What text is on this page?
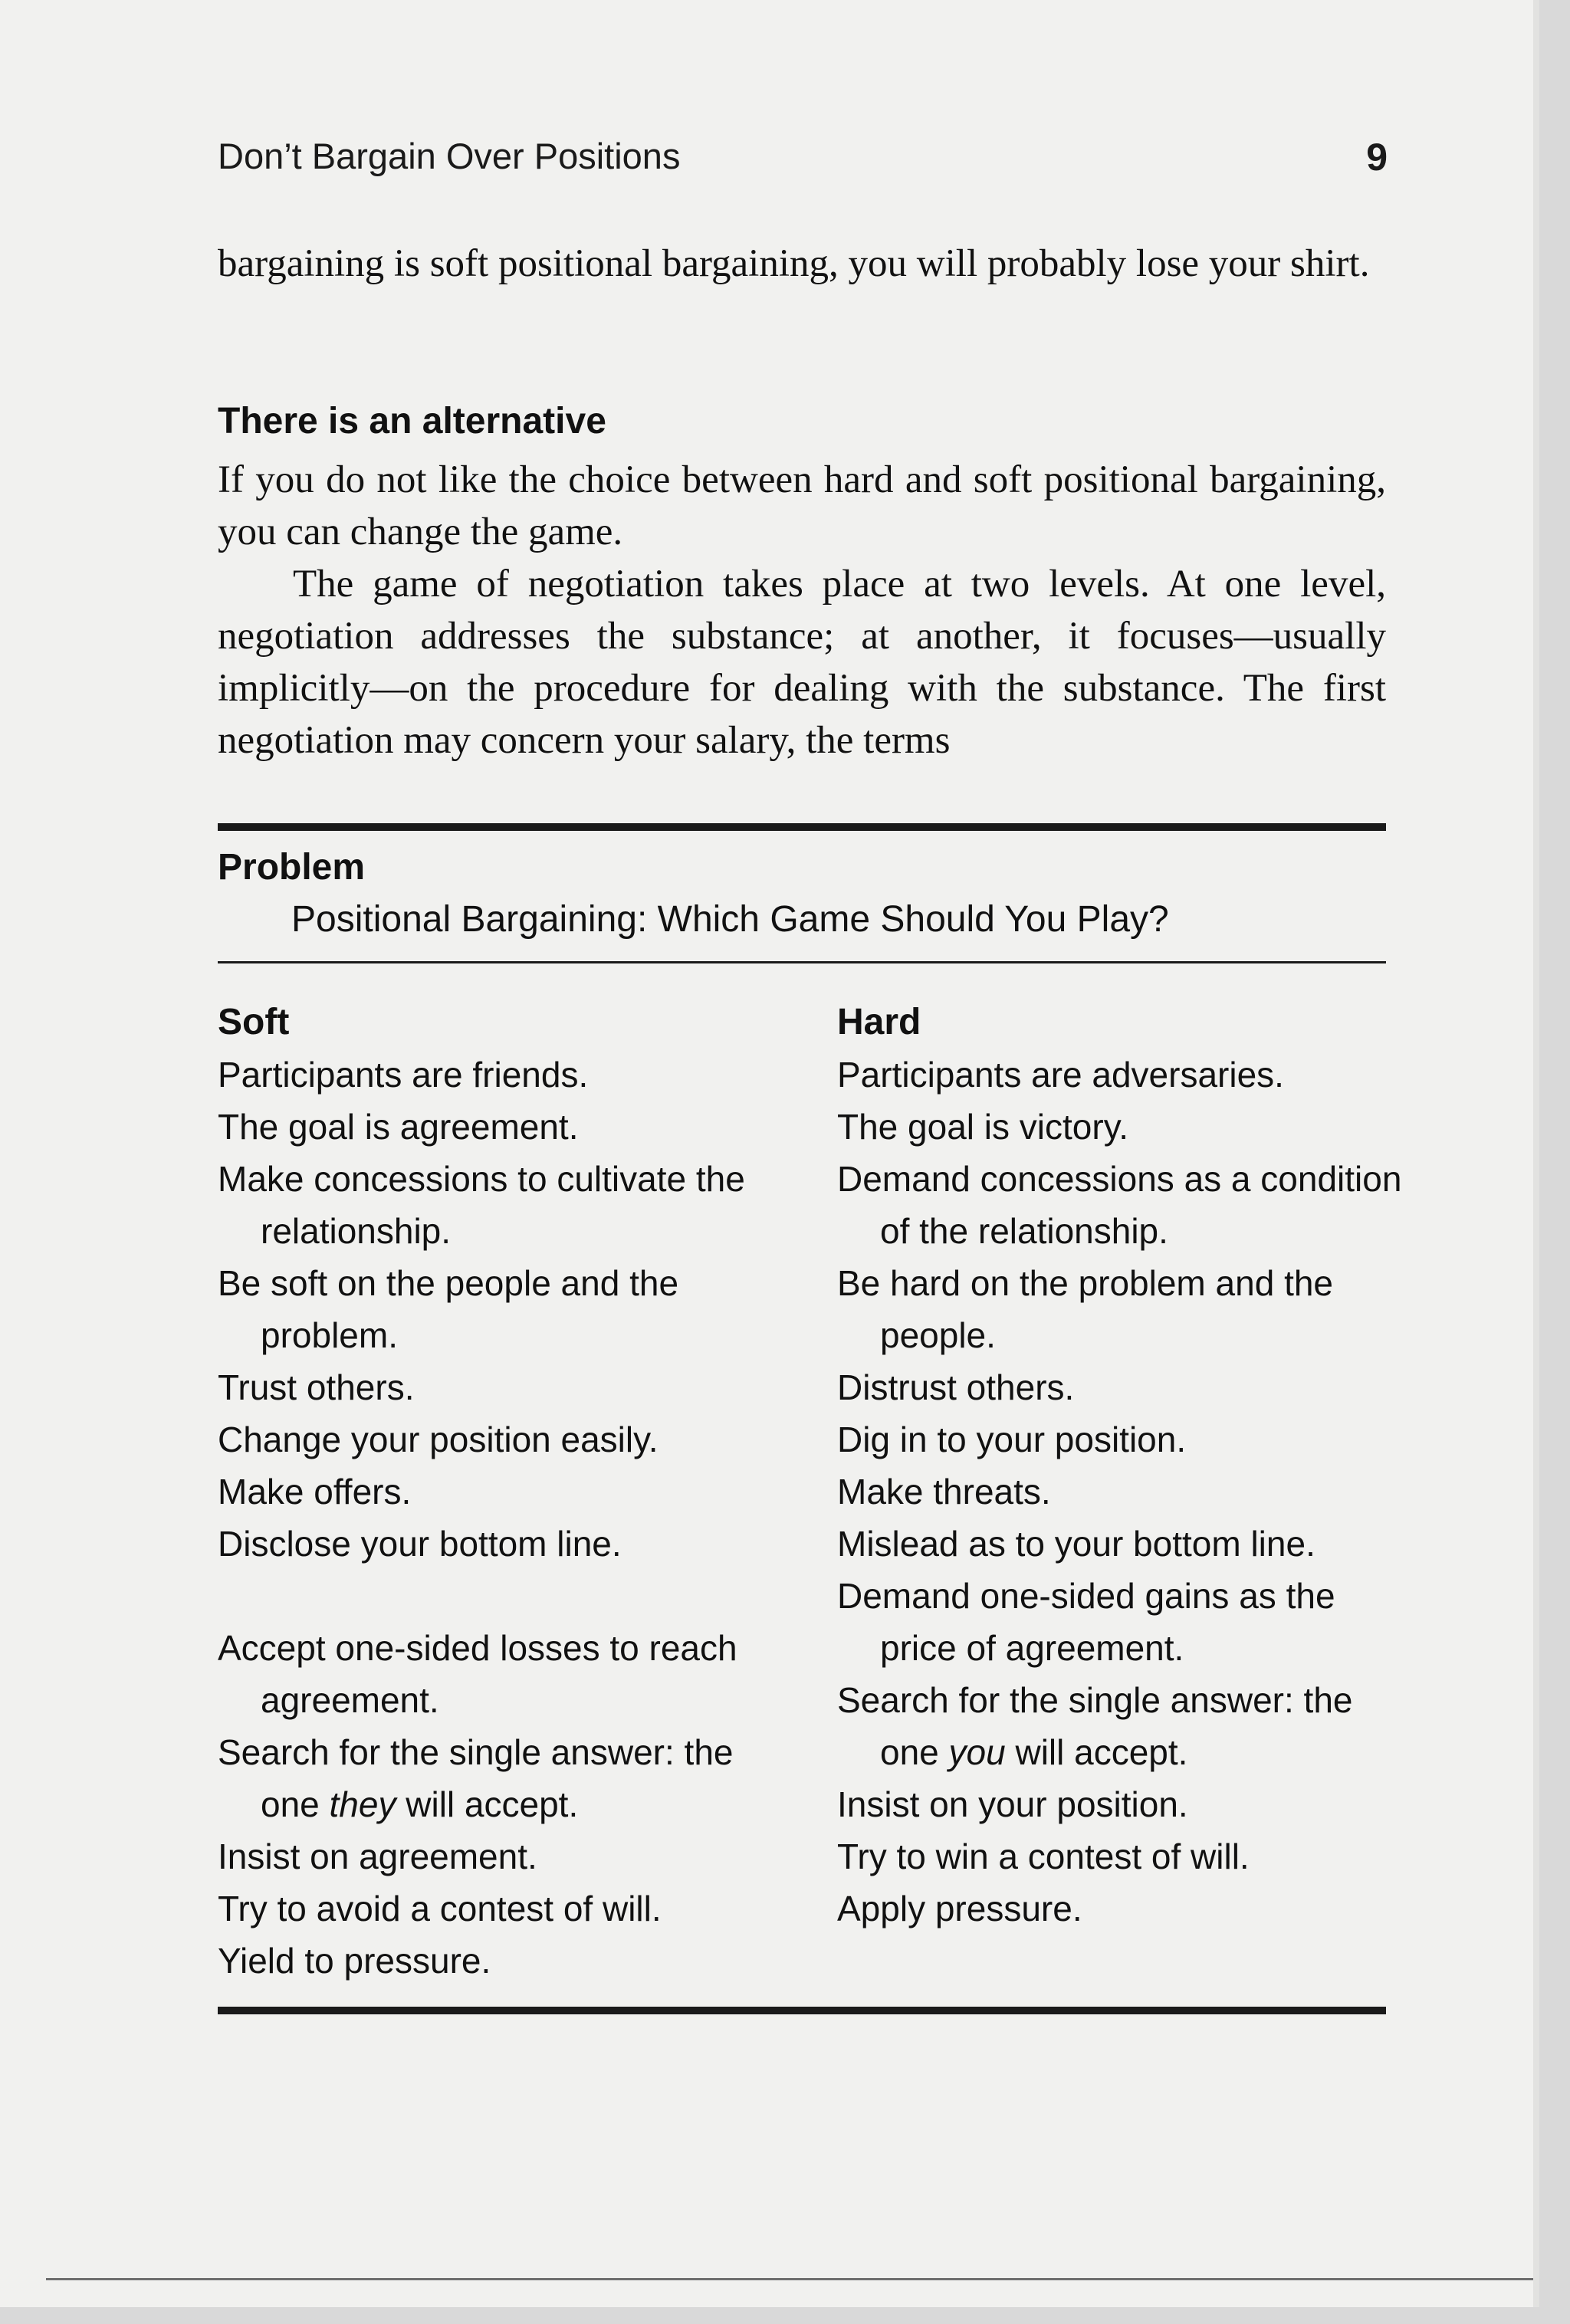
Don’t Bargain Over Positions	9

bargaining is soft positional bargaining, you will probably lose your shirt.

There is an alternative

If you do not like the choice between hard and soft positional bargaining, you can change the game.

The game of negotiation takes place at two levels. At one level, negotiation addresses the substance; at another, it focuses—usually implicitly—on the procedure for dealing with the substance. The first negotiation may concern your salary, the terms

Problem

Positional Bargaining: Which Game Should You Play?

Soft
Participants are friends.
The goal is agreement.
Make concessions to cultivate the relationship.
Be soft on the people and the problem.
Trust others.
Change your position easily.
Make offers.
Disclose your bottom line.
Accept one-sided losses to reach agreement.
Search for the single answer: the one they will accept.
Insist on agreement.
Try to avoid a contest of will.
Yield to pressure.
Hard
Participants are adversaries.
The goal is victory.
Demand concessions as a condition of the relationship.
Be hard on the problem and the people.
Distrust others.
Dig in to your position.
Make threats.
Mislead as to your bottom line.
Demand one-sided gains as the price of agreement.
Search for the single answer: the one you will accept.
Insist on your position.
Try to win a contest of will.
Apply pressure.
